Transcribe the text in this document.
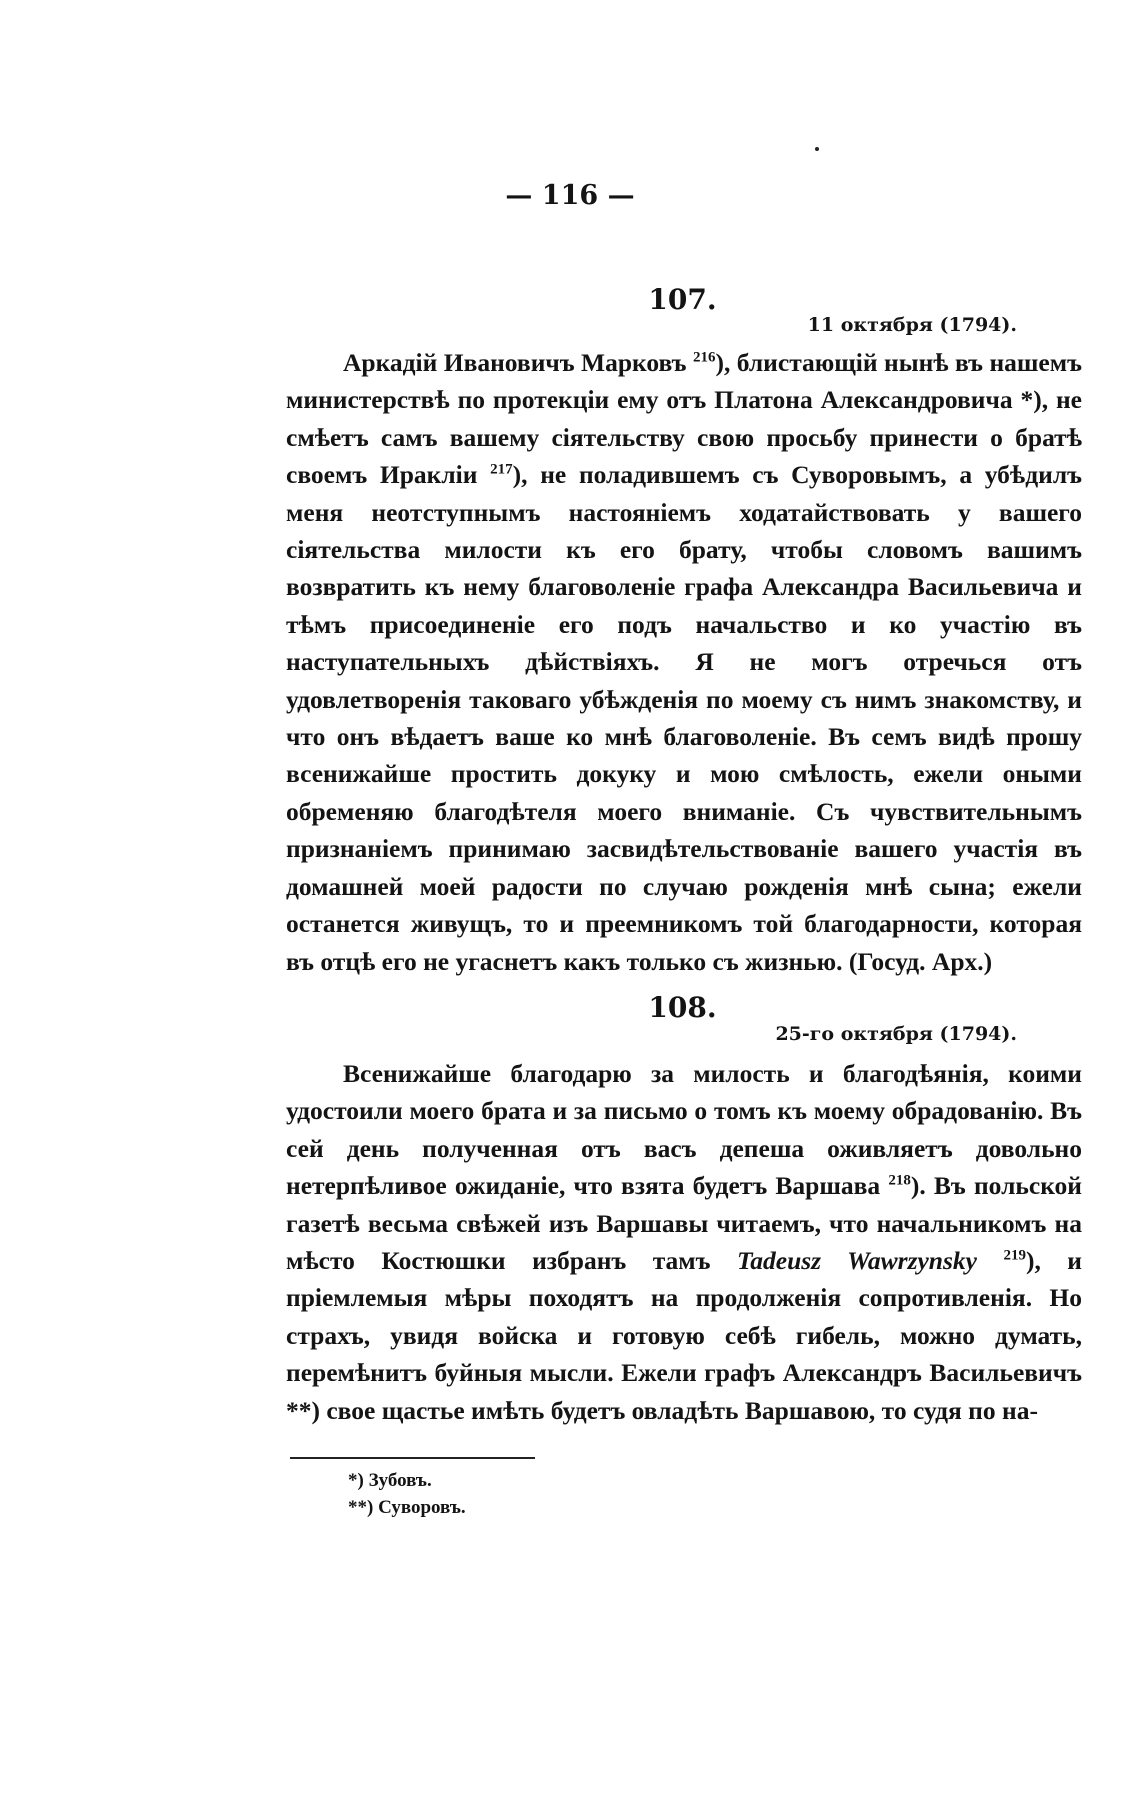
— 116 —
107.
11 октября (1794).

Аркадій Ивановичъ Марковъ $^{216}$), блистающій нынѣ въ нашемъ министерствѣ по протекціи ему отъ Платона Александровича *), не смѣетъ самъ вашему сіятельству свою просьбу принести о братѣ своемъ Иракліи $^{217}$), не поладившемъ съ Суворовымъ, а убѣдилъ меня неотступнымъ настояніемъ ходатайствовать у вашего сіятельства милости къ его брату, чтобы словомъ вашимъ возвратить къ нему благоволеніе графа Александра Васильевича и тѣмъ присоединеніе его подъ начальство и ко участію въ наступательныхъ дѣйствіяхъ. Я не могъ отречься отъ удовлетворенія таковаго убѣжденія по моему съ нимъ знакомству, и что онъ вѣдаетъ ваше ко мнѣ благоволеніе. Въ семъ видѣ прошу всенижайше простить докуку и мою смѣлость, ежели оными обременяю благодѣтеля моего вниманіе. Съ чувствительнымъ признаніемъ принимаю засвидѣтельствованіе вашего участія въ домашней моей радости по случаю рожденія мнѣ сына; ежели останется живущъ, то и преемникомъ той благодарности, которая въ отцѣ его не угаснетъ какъ только съ жизнью. (Госуд. Арх.)

108.
25-го октября (1794).

Всенижайше благодарю за милость и благодѣянія, коими удостоили моего брата и за письмо о томъ къ моему обрадованію. Въ сей день полученная отъ васъ депеша оживляетъ довольно нетерпѣливое ожиданіе, что взята будетъ Варшава $^{218}$). Въ польской газетѣ весьма свѣжей изъ Варшавы читаемъ, что начальникомъ на мѣсто Костюшки избранъ тамъ Tadeusz Wawrzynsky $^{219}$), и пріемлемыя мѣры походятъ на продолженія сопротивленія. Но страхъ, увидя войска и готовую себѣ гибель, можно думать, перемѣнитъ буйныя мысли. Ежели графъ Александръ Васильевичъ **) свое щастье имѣть будетъ овладѣть Варшавою, то судя по на-

*) Зубовъ.
**) Суворовъ.
